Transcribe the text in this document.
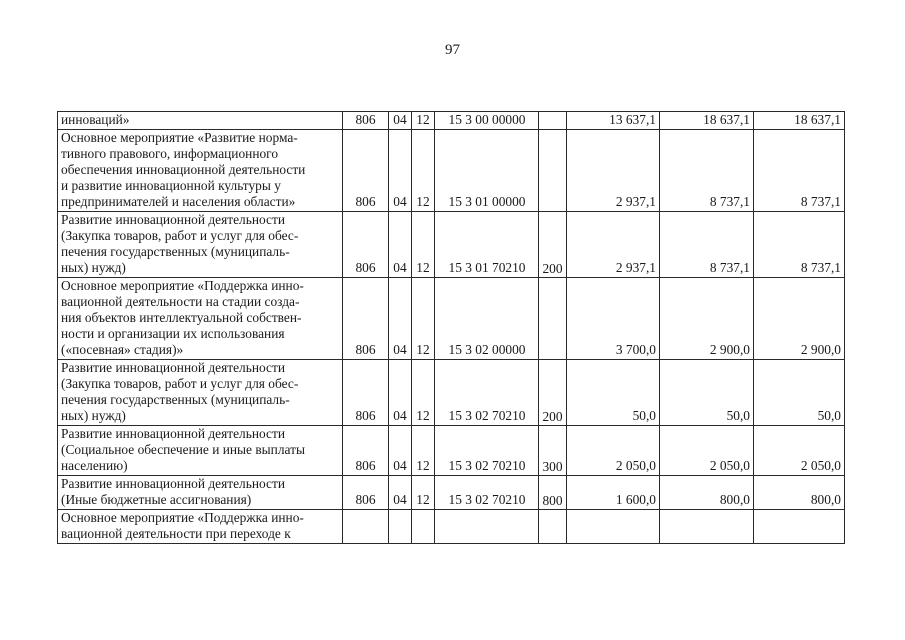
97
инноваций»	806	04	12	15 3 00 00000		13 637,1	18 637,1	18 637,1

Основное мероприятие «Развитие норма-
тивного правового, информационного
обеспечения инновационной деятельности
и развитие инновационной культуры у
предпринимателей и населения области»	806	04	12	15 3 01 00000		2 937,1	8 737,1	8 737,1

Развитие инновационной деятельности
(Закупка товаров, работ и услуг для обес-
печения государственных (муниципаль-
ных) нужд)	806	04	12	15 3 01 70210	200	2 937,1	8 737,1	8 737,1

Основное мероприятие «Поддержка инно-
вационной деятельности на стадии созда-
ния объектов интеллектуальной собствен-
ности и организации их использования
(«посевная» стадия)»	806	04	12	15 3 02 00000		3 700,0	2 900,0	2 900,0

Развитие инновационной деятельности
(Закупка товаров, работ и услуг для обес-
печения государственных (муниципаль-
ных) нужд)	806	04	12	15 3 02 70210	200	50,0	50,0	50,0

Развитие инновационной деятельности
(Социальное обеспечение и иные выплаты
населению)	806	04	12	15 3 02 70210	300	2 050,0	2 050,0	2 050,0

Развитие инновационной деятельности
(Иные бюджетные ассигнования)	806	04	12	15 3 02 70210	800	1 600,0	800,0	800,0

Основное мероприятие «Поддержка инно-
вационной деятельности при переходе к								
